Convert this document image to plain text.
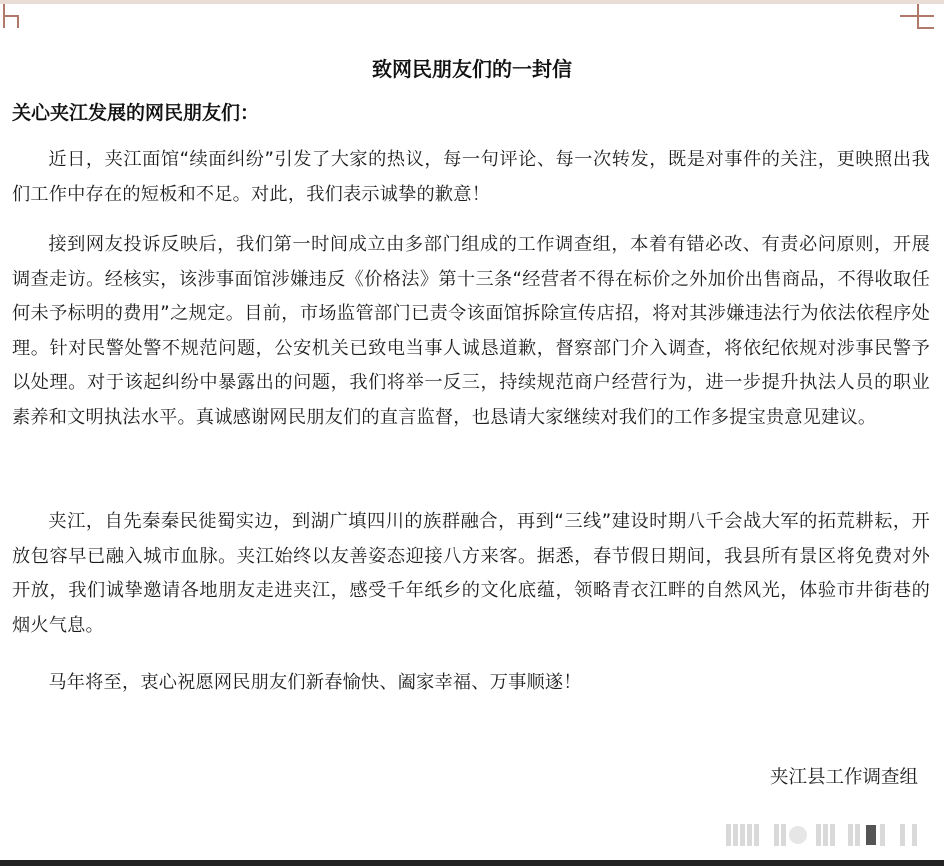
致网民朋友们的一封信
关心夹江发展的网民朋友们：

近日，夹江面馆“续面纠纷”引发了大家的热议，每一句评论、每一次转发，既是对事件的关注，更映照出我们工作中存在的短板和不足。对此，我们表示诚挚的歉意！

接到网友投诉反映后，我们第一时间成立由多部门组成的工作调查组，本着有错必改、有责必问原则，开展调查走访。经核实，该涉事面馆涉嫌违反《价格法》第十三条“经营者不得在标价之外加价出售商品，不得收取任何未予标明的费用”之规定。目前，市场监管部门已责令该面馆拆除宣传店招，将对其涉嫌违法行为依法依程序处理。针对民警处警不规范问题，公安机关已致电当事人诚恳道歉，督察部门介入调查，将依纪依规对涉事民警予以处理。对于该起纠纷中暴露出的问题，我们将举一反三，持续规范商户经营行为，进一步提升执法人员的职业素养和文明执法水平。真诚感谢网民朋友们的直言监督，也恳请大家继续对我们的工作多提宝贵意见建议。

夹江，自先秦秦民徙蜀实边，到湖广填四川的族群融合，再到“三线”建设时期八千会战大军的拓荒耕耘，开放包容早已融入城市血脉。夹江始终以友善姿态迎接八方来客。据悉，春节假日期间，我县所有景区将免费对外开放，我们诚挚邀请各地朋友走进夹江，感受千年纸乡的文化底蕴，领略青衣江畔的自然风光，体验市井街巷的烟火气息。

马年将至，衷心祝愿网民朋友们新春愉快、阖家幸福、万事顺遂！

夹江县工作调查组
